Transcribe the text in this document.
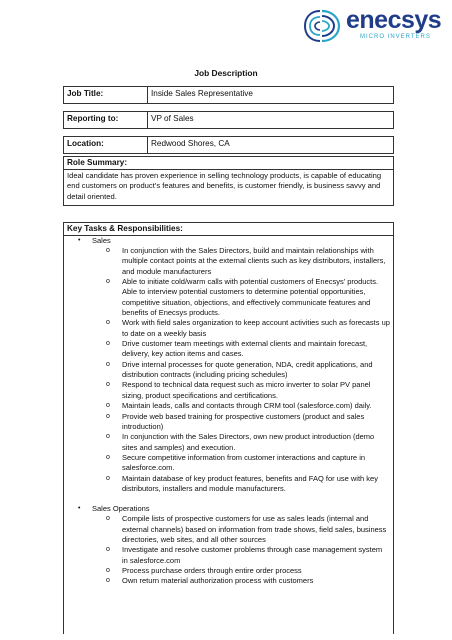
enecsys
MICRO INVERTERS
Job Description
Job Title:	Inside Sales Representative

Reporting to:	VP of Sales

Location:	Redwood Shores, CA
Role Summary:
Ideal candidate has proven experience in selling technology products, is capable of educating end customers on product’s features and benefits, is customer friendly, is business savvy and detail oriented.
Key Tasks & Responsibilities:
• Sales
o In conjunction with the Sales Directors, build and maintain relationships with multiple contact points at the external clients such as key distributors, installers, and module manufacturers
o Able to initiate cold/warm calls with potential customers of Enecsys’ products. Able to interview potential customers to determine potential opportunities, competitive situation, objections, and effectively communicate features and benefits of Enecsys products.
o Work with field sales organization to keep account activities such as forecasts up to date on a weekly basis
o Drive customer team meetings with external clients and maintain forecast, delivery, key action items and cases.
o Drive internal processes for quote generation, NDA, credit applications, and distribution contracts (including pricing schedules)
o Respond to technical data request such as micro inverter to solar PV panel sizing, product specifications and certifications.
o Maintain leads, calls and contacts through CRM tool (salesforce.com) daily.
o Provide web based training for prospective customers (product and sales introduction)
o In conjunction with the Sales Directors, own new product introduction (demo sites and samples) and execution.
o Secure competitive information from customer interactions and capture in salesforce.com.
o Maintain database of key product features, benefits and FAQ for use with key distributors, installers and module manufacturers.
• Sales Operations
o Compile lists of prospective customers for use as sales leads (internal and external channels) based on information from trade shows, field sales, business directories, web sites, and all other sources
o Investigate and resolve customer problems through case management system in salesforce.com
o Process purchase orders through entire order process
o Own return material authorization process with customers
